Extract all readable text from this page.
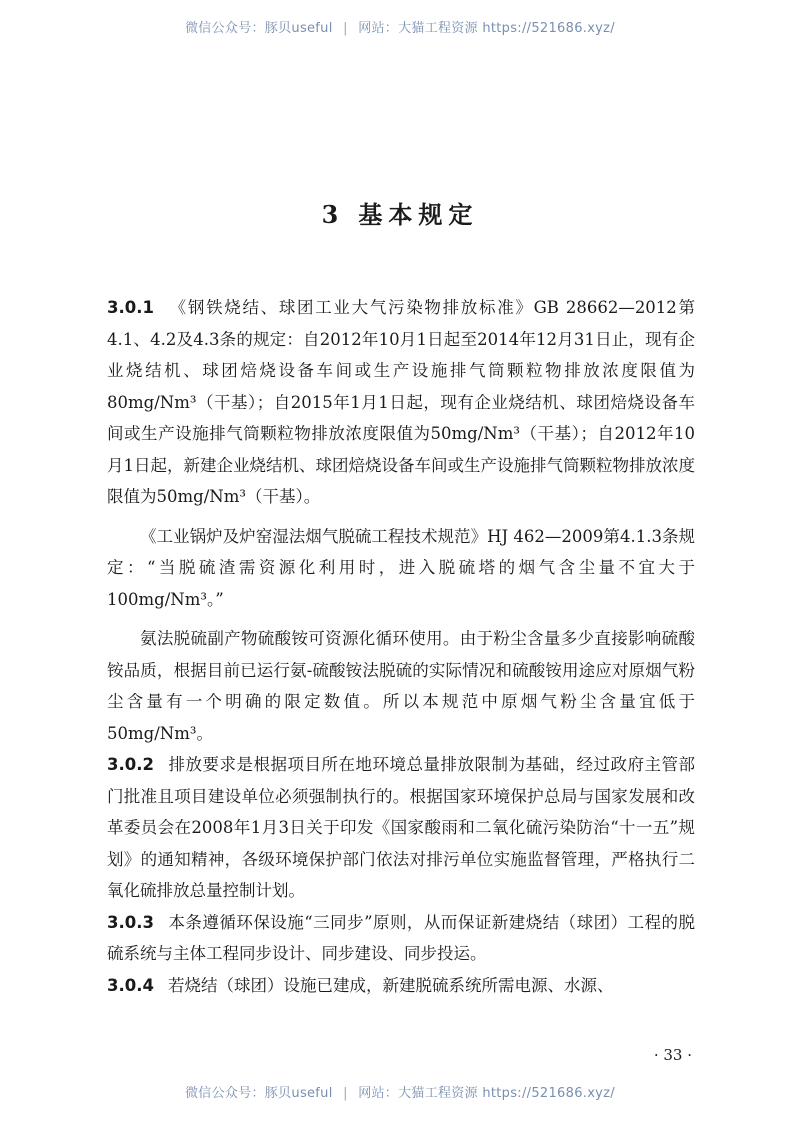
微信公众号：豚贝useful | 网站：大猫工程资源 https://521686.xyz/
3 基本规定

3.0.1 《钢铁烧结、球团工业大气污染物排放标准》GB 28662—2012第4.1、4.2及4.3条的规定：自2012年10月1日起至2014年12月31日止，现有企业烧结机、球团焙烧设备车间或生产设施排气筒颗粒物排放浓度限值为80mg/Nm³（干基）；自2015年1月1日起，现有企业烧结机、球团焙烧设备车间或生产设施排气筒颗粒物排放浓度限值为50mg/Nm³（干基）；自2012年10月1日起，新建企业烧结机、球团焙烧设备车间或生产设施排气筒颗粒物排放浓度限值为50mg/Nm³（干基）。

《工业锅炉及炉窑湿法烟气脱硫工程技术规范》HJ 462—2009第4.1.3条规定：“当脱硫渣需资源化利用时，进入脱硫塔的烟气含尘量不宜大于100mg/Nm³。”

氨法脱硫副产物硫酸铵可资源化循环使用。由于粉尘含量多少直接影响硫酸铵品质，根据目前已运行氨-硫酸铵法脱硫的实际情况和硫酸铵用途应对原烟气粉尘含量有一个明确的限定数值。所以本规范中原烟气粉尘含量宜低于50mg/Nm³。

3.0.2 排放要求是根据项目所在地环境总量排放限制为基础，经过政府主管部门批准且项目建设单位必须强制执行的。根据国家环境保护总局与国家发展和改革委员会在2008年1月3日关于印发《国家酸雨和二氧化硫污染防治“十一五”规划》的通知精神，各级环境保护部门依法对排污单位实施监督管理，严格执行二氧化硫排放总量控制计划。

3.0.3 本条遵循环保设施“三同步”原则，从而保证新建烧结（球团）工程的脱硫系统与主体工程同步设计、同步建设、同步投运。

3.0.4 若烧结（球团）设施已建成，新建脱硫系统所需电源、水源、

· 33 ·
微信公众号：豚贝useful | 网站：大猫工程资源 https://521686.xyz/
